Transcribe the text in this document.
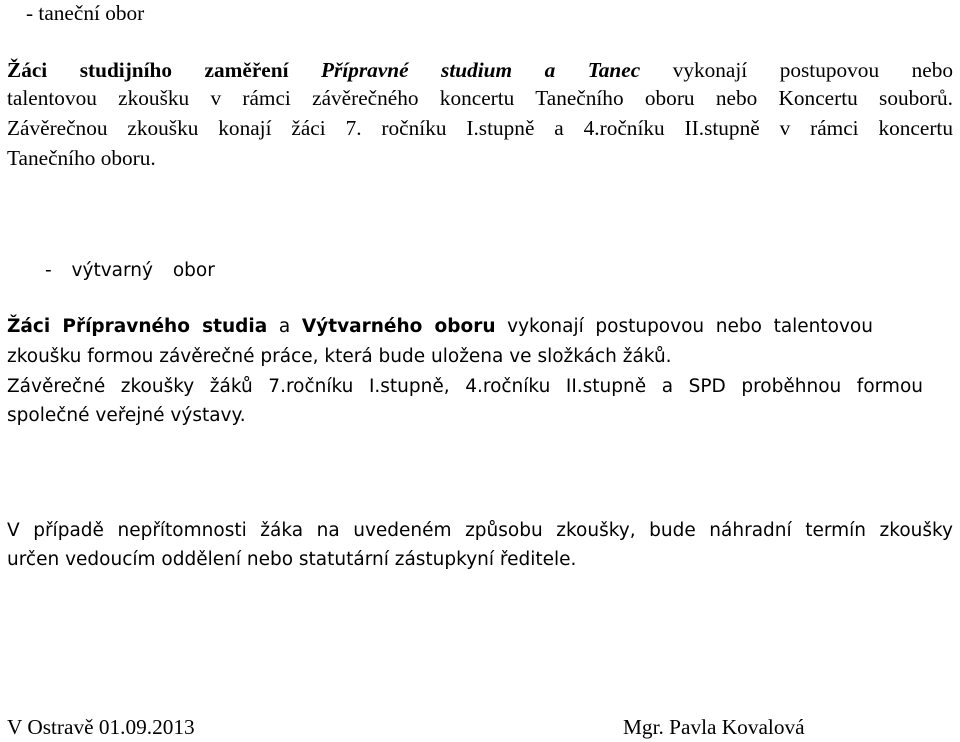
- taneční obor
Žáci studijního zaměření Přípravné studium a Tanec vykonají postupovou nebo
talentovou zkoušku v rámci závěrečného koncertu Tanečního oboru nebo Koncertu souborů.
Závěrečnou zkoušku konají žáci 7. ročníku I.stupně a 4.ročníku II.stupně v rámci koncertu
Tanečního oboru.
- výtvarný obor
Žáci Přípravného studia a Výtvarného oboru vykonají postupovou nebo talentovou
zkoušku formou závěrečné práce, která bude uložena ve složkách žáků.
Závěrečné zkoušky žáků 7.ročníku I.stupně, 4.ročníku II.stupně a SPD proběhnou formou
společné veřejné výstavy.
V případě nepřítomnosti žáka na uvedeném způsobu zkoušky, bude náhradní termín zkoušky
určen vedoucím oddělení nebo statutární zástupkyní ředitele.
V Ostravě 01.09.2013	Mgr. Pavla Kovalová
